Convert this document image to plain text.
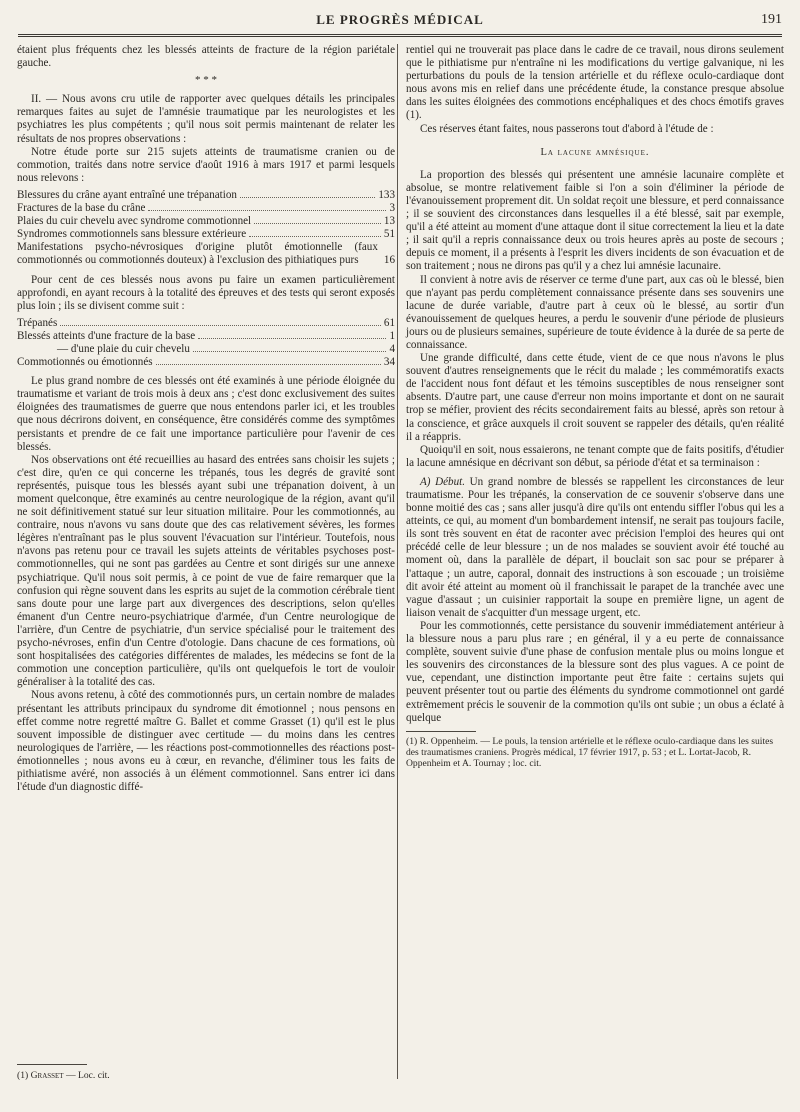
LE PROGRÈS MÉDICAL	191

étaient plus fréquents chez les blessés atteints de fracture de la région pariétale gauche.

* * *

II. — Nous avons cru utile de rapporter avec quelques détails les principales remarques faites au sujet de l'amnésie traumatique par les neurologistes et les psychiatres les plus compétents ; qu'il nous soit permis maintenant de relater les résultats de nos propres observations :

Notre étude porte sur 215 sujets atteints de traumatisme cranien ou de commotion, traités dans notre service d'août 1916 à mars 1917 et parmi lesquels nous relevons :

Blessures du crâne ayant entraîné une trépanation	133
Fractures de la base du crâne	3
Plaies du cuir chevelu avec syndrome commotionnel	13
Syndromes commotionnels sans blessure extérieure	51
Manifestations psycho-névrosiques d'origine plutôt émotionnelle (faux commotionnés ou commotionnés douteux) à l'exclusion des pithiatiques purs	16

Pour cent de ces blessés nous avons pu faire un examen particulièrement approfondi, en ayant recours à la totalité des épreuves et des tests qui seront exposés plus loin ; ils se divisent comme suit :

Trépanés	61
Blessés atteints d'une fracture de la base	1
— d'une plaie du cuir chevelu	4
Commotionnés ou émotionnés	34

Le plus grand nombre de ces blessés ont été examinés à une période éloignée du traumatisme et variant de trois mois à deux ans ; c'est donc exclusivement des suites éloignées des traumatismes de guerre que nous entendons parler ici, et les troubles que nous décrirons doivent, en conséquence, être considérés comme des symptômes persistants et prendre de ce fait une importance particulière pour l'avenir de ces blessés.

Nos observations ont été recueillies au hasard des entrées sans choisir les sujets ; c'est dire, qu'en ce qui concerne les trépanés, tous les degrés de gravité sont représentés, puisque tous les blessés ayant subi une trépanation doivent, à un moment quelconque, être examinés au centre neurologique de la région, avant qu'il ne soit définitivement statué sur leur situation militaire. Pour les commotionnés, au contraire, nous n'avons vu sans doute que des cas relativement sévères, les formes légères n'entraînant pas le plus souvent l'évacuation sur l'intérieur. Toutefois, nous n'avons pas retenu pour ce travail les sujets atteints de véritables psychoses post-commotionnelles, qui ne sont pas gardées au Centre et sont dirigés sur une annexe psychiatrique. Qu'il nous soit permis, à ce point de vue de faire remarquer que la confusion qui règne souvent dans les esprits au sujet de la commotion cérébrale tient sans doute pour une large part aux divergences des descriptions, selon qu'elles émanent d'un Centre neuro-psychiatrique d'armée, d'un Centre neurologique de l'arrière, d'un Centre de psychiatrie, d'un service spécialisé pour le traitement des psycho-névroses, enfin d'un Centre d'otologie. Dans chacune de ces formations, où sont hospitalisées des catégories différentes de malades, les médecins se font de la commotion une conception particulière, qu'ils ont quelquefois le tort de vouloir généraliser à la totalité des cas.

Nous avons retenu, à côté des commotionnés purs, un certain nombre de malades présentant les attributs principaux du syndrome dit émotionnel ; nous pensons en effet comme notre regretté maître G. Ballet et comme Grasset (1) qu'il est le plus souvent impossible de distinguer avec certitude — du moins dans les centres neurologiques de l'arrière, — les réactions post-commotionnelles des réactions post-émotionnelles ; nous avons eu à cœur, en revanche, d'éliminer tous les faits de pithiatisme avéré, non associés à un élément commotionnel. Sans entrer ici dans l'étude d'un diagnostic diffé-

(1) Grasset — Loc. cit.

rentiel qui ne trouverait pas place dans le cadre de ce travail, nous dirons seulement que le pithiatisme pur n'entraîne ni les modifications du vertige galvanique, ni les perturbations du pouls de la tension artérielle et du réflexe oculo-cardiaque dont nous avons mis en relief dans une précédente étude, la constance presque absolue dans les suites éloignées des commotions encéphaliques et des chocs émotifs graves (1).

Ces réserves étant faites, nous passerons tout d'abord à l'étude de :

La lacune amnésique.

La proportion des blessés qui présentent une amnésie lacunaire complète et absolue, se montre relativement faible si l'on a soin d'éliminer la période de l'évanouissement proprement dit. Un soldat reçoit une blessure, et perd connaissance ; il se souvient des circonstances dans lesquelles il a été blessé, sait par exemple, qu'il a été atteint au moment d'une attaque dont il situe correctement la lieu et la date ; il sait qu'il a repris connaissance deux ou trois heures après au poste de secours ; depuis ce moment, il a présents à l'esprit les divers incidents de son évacuation et de son traitement ; nous ne dirons pas qu'il y a chez lui amnésie lacunaire.

Il convient à notre avis de réserver ce terme d'une part, aux cas où le blessé, bien que n'ayant pas perdu complètement connaissance présente dans ses souvenirs une lacune de durée variable, d'autre part à ceux où le blessé, au sortir d'un évanouissement de quelques heures, a perdu le souvenir d'une période de plusieurs jours ou de plusieurs semaines, supérieure de toute évidence à la durée de sa perte de connaissance.

Une grande difficulté, dans cette étude, vient de ce que nous n'avons le plus souvent d'autres renseignements que le récit du malade ; les commémoratifs exacts de l'accident nous font défaut et les témoins susceptibles de nous renseigner sont absents. D'autre part, une cause d'erreur non moins importante et dont on ne saurait trop se méfier, provient des récits secondairement faits au blessé, après son retour à la conscience, et grâce auxquels il croit souvent se rappeler des détails, qu'en réalité il a réappris.

Quoiqu'il en soit, nous essaierons, ne tenant compte que de faits positifs, d'étudier la lacune amnésique en décrivant son début, sa période d'état et sa terminaison :

A) Début. Un grand nombre de blessés se rappellent les circonstances de leur traumatisme. Pour les trépanés, la conservation de ce souvenir s'observe dans une bonne moitié des cas ; sans aller jusqu'à dire qu'ils ont entendu siffler l'obus qui les a atteints, ce qui, au moment d'un bombardement intensif, ne serait pas toujours facile, ils sont très souvent en état de raconter avec précision l'emploi des heures qui ont précédé celle de leur blessure ; un de nos malades se souvient avoir été touché au moment où, dans la parallèle de départ, il bouclait son sac pour se préparer à l'attaque ; un autre, caporal, donnait des instructions à son escouade ; un troisième dit avoir été atteint au moment où il franchissait le parapet de la tranchée avec une vague d'assaut ; un cuisinier rapportait la soupe en première ligne, un agent de liaison venait de s'acquitter d'un message urgent, etc.

Pour les commotionnés, cette persistance du souvenir immédiatement antérieur à la blessure nous a paru plus rare ; en général, il y a eu perte de connaissance complète, souvent suivie d'une phase de confusion mentale plus ou moins longue et les souvenirs des circonstances de la blessure sont des plus vagues. A ce point de vue, cependant, une distinction importante peut être faite : certains sujets qui peuvent présenter tout ou partie des éléments du syndrome commotionnel ont gardé extrêmement précis le souvenir de la commotion qu'ils ont subie ; un obus a éclaté à quelque

(1) R. Oppenheim. — Le pouls, la tension artérielle et le réflexe oculo-cardiaque dans les suites des traumatismes craniens. Progrès médical, 17 février 1917, p. 53 ; et L. Lortat-Jacob, R. Oppenheim et A. Tournay ; loc. cit.
